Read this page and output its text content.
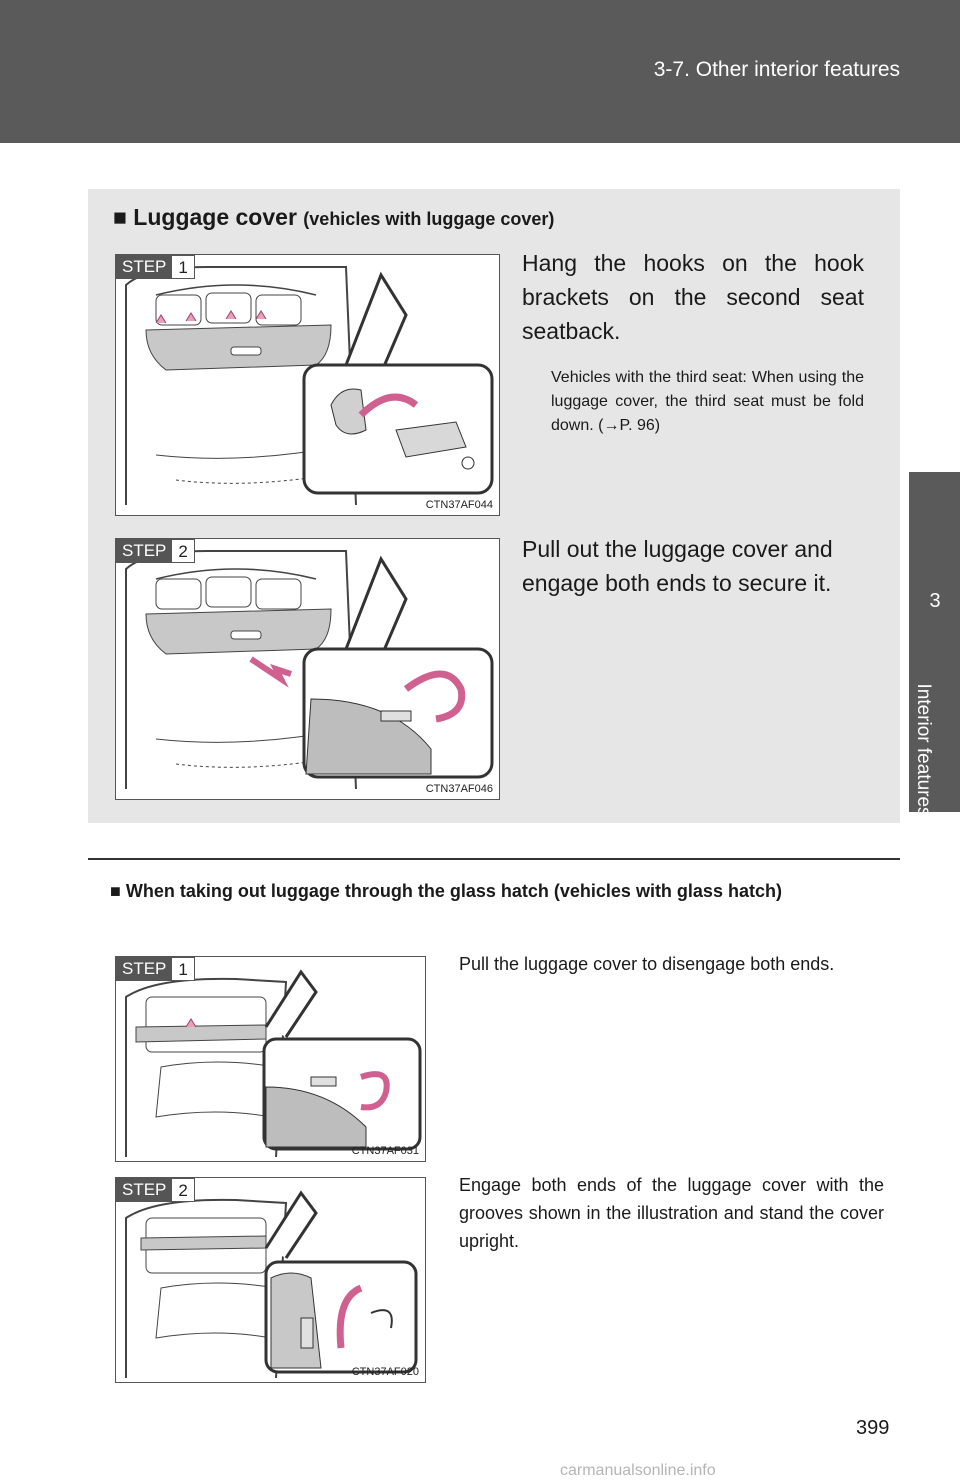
3-7. Other interior features
3
Interior features
■ Luggage cover (vehicles with luggage cover)
STEP 1
CTN37AF044
Hang the hooks on the hook brackets on the second seat seatback.
Vehicles with the third seat: When using the luggage cover, the third seat must be fold down. (→P. 96)
STEP 2
CTN37AF046
Pull out the luggage cover and engage both ends to secure it.
■ When taking out luggage through the glass hatch (vehicles with glass hatch)
STEP 1
CTN37AF031
Pull the luggage cover to disengage both ends.
STEP 2
CTN37AF020
Engage both ends of the luggage cover with the grooves shown in the illustration and stand the cover upright.
399
carmanualsonline.info
